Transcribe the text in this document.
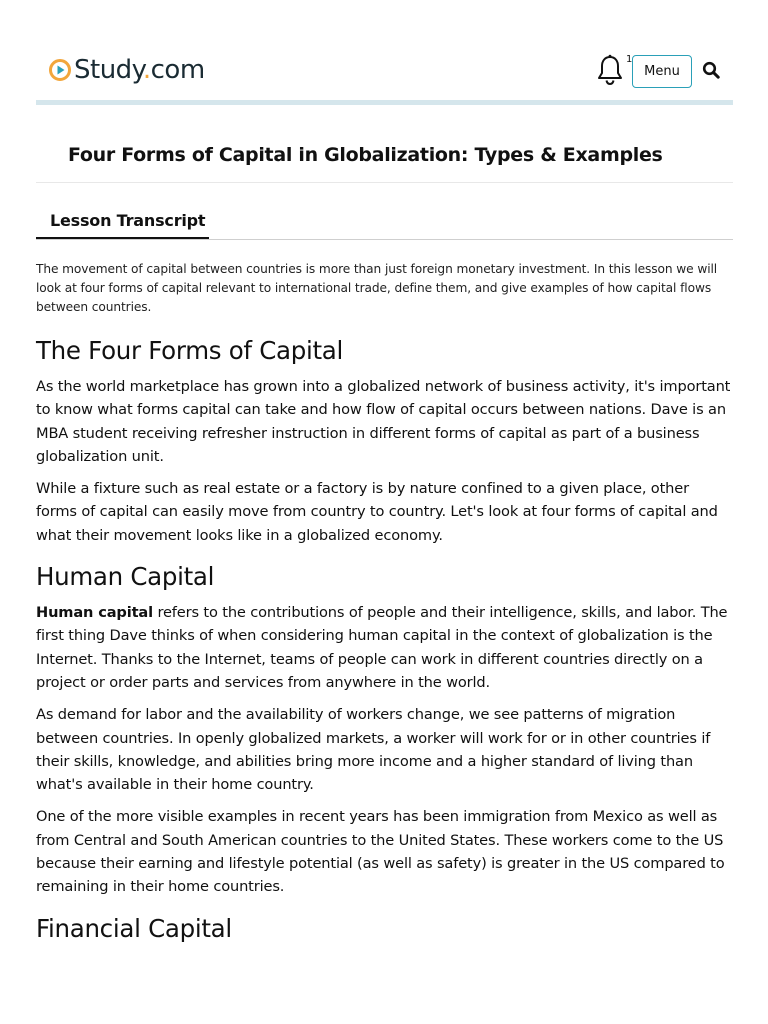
Study.com	1
Menu
Four Forms of Capital in Globalization: Types & Examples
Lesson Transcript

The movement of capital between countries is more than just foreign monetary investment. In this lesson we will look at four forms of capital relevant to international trade, define them, and give examples of how capital flows between countries.

The Four Forms of Capital

As the world marketplace has grown into a globalized network of business activity, it's important to know what forms capital can take and how flow of capital occurs between nations. Dave is an MBA student receiving refresher instruction in different forms of capital as part of a business globalization unit.

While a fixture such as real estate or a factory is by nature confined to a given place, other forms of capital can easily move from country to country. Let's look at four forms of capital and what their movement looks like in a globalized economy.

Human Capital

Human capital refers to the contributions of people and their intelligence, skills, and labor. The first thing Dave thinks of when considering human capital in the context of globalization is the Internet. Thanks to the Internet, teams of people can work in different countries directly on a project or order parts and services from anywhere in the world.

As demand for labor and the availability of workers change, we see patterns of migration between countries. In openly globalized markets, a worker will work for or in other countries if their skills, knowledge, and abilities bring more income and a higher standard of living than what's available in their home country.

One of the more visible examples in recent years has been immigration from Mexico as well as from Central and South American countries to the United States. These workers come to the US because their earning and lifestyle potential (as well as safety) is greater in the US compared to remaining in their home countries.

Financial Capital
